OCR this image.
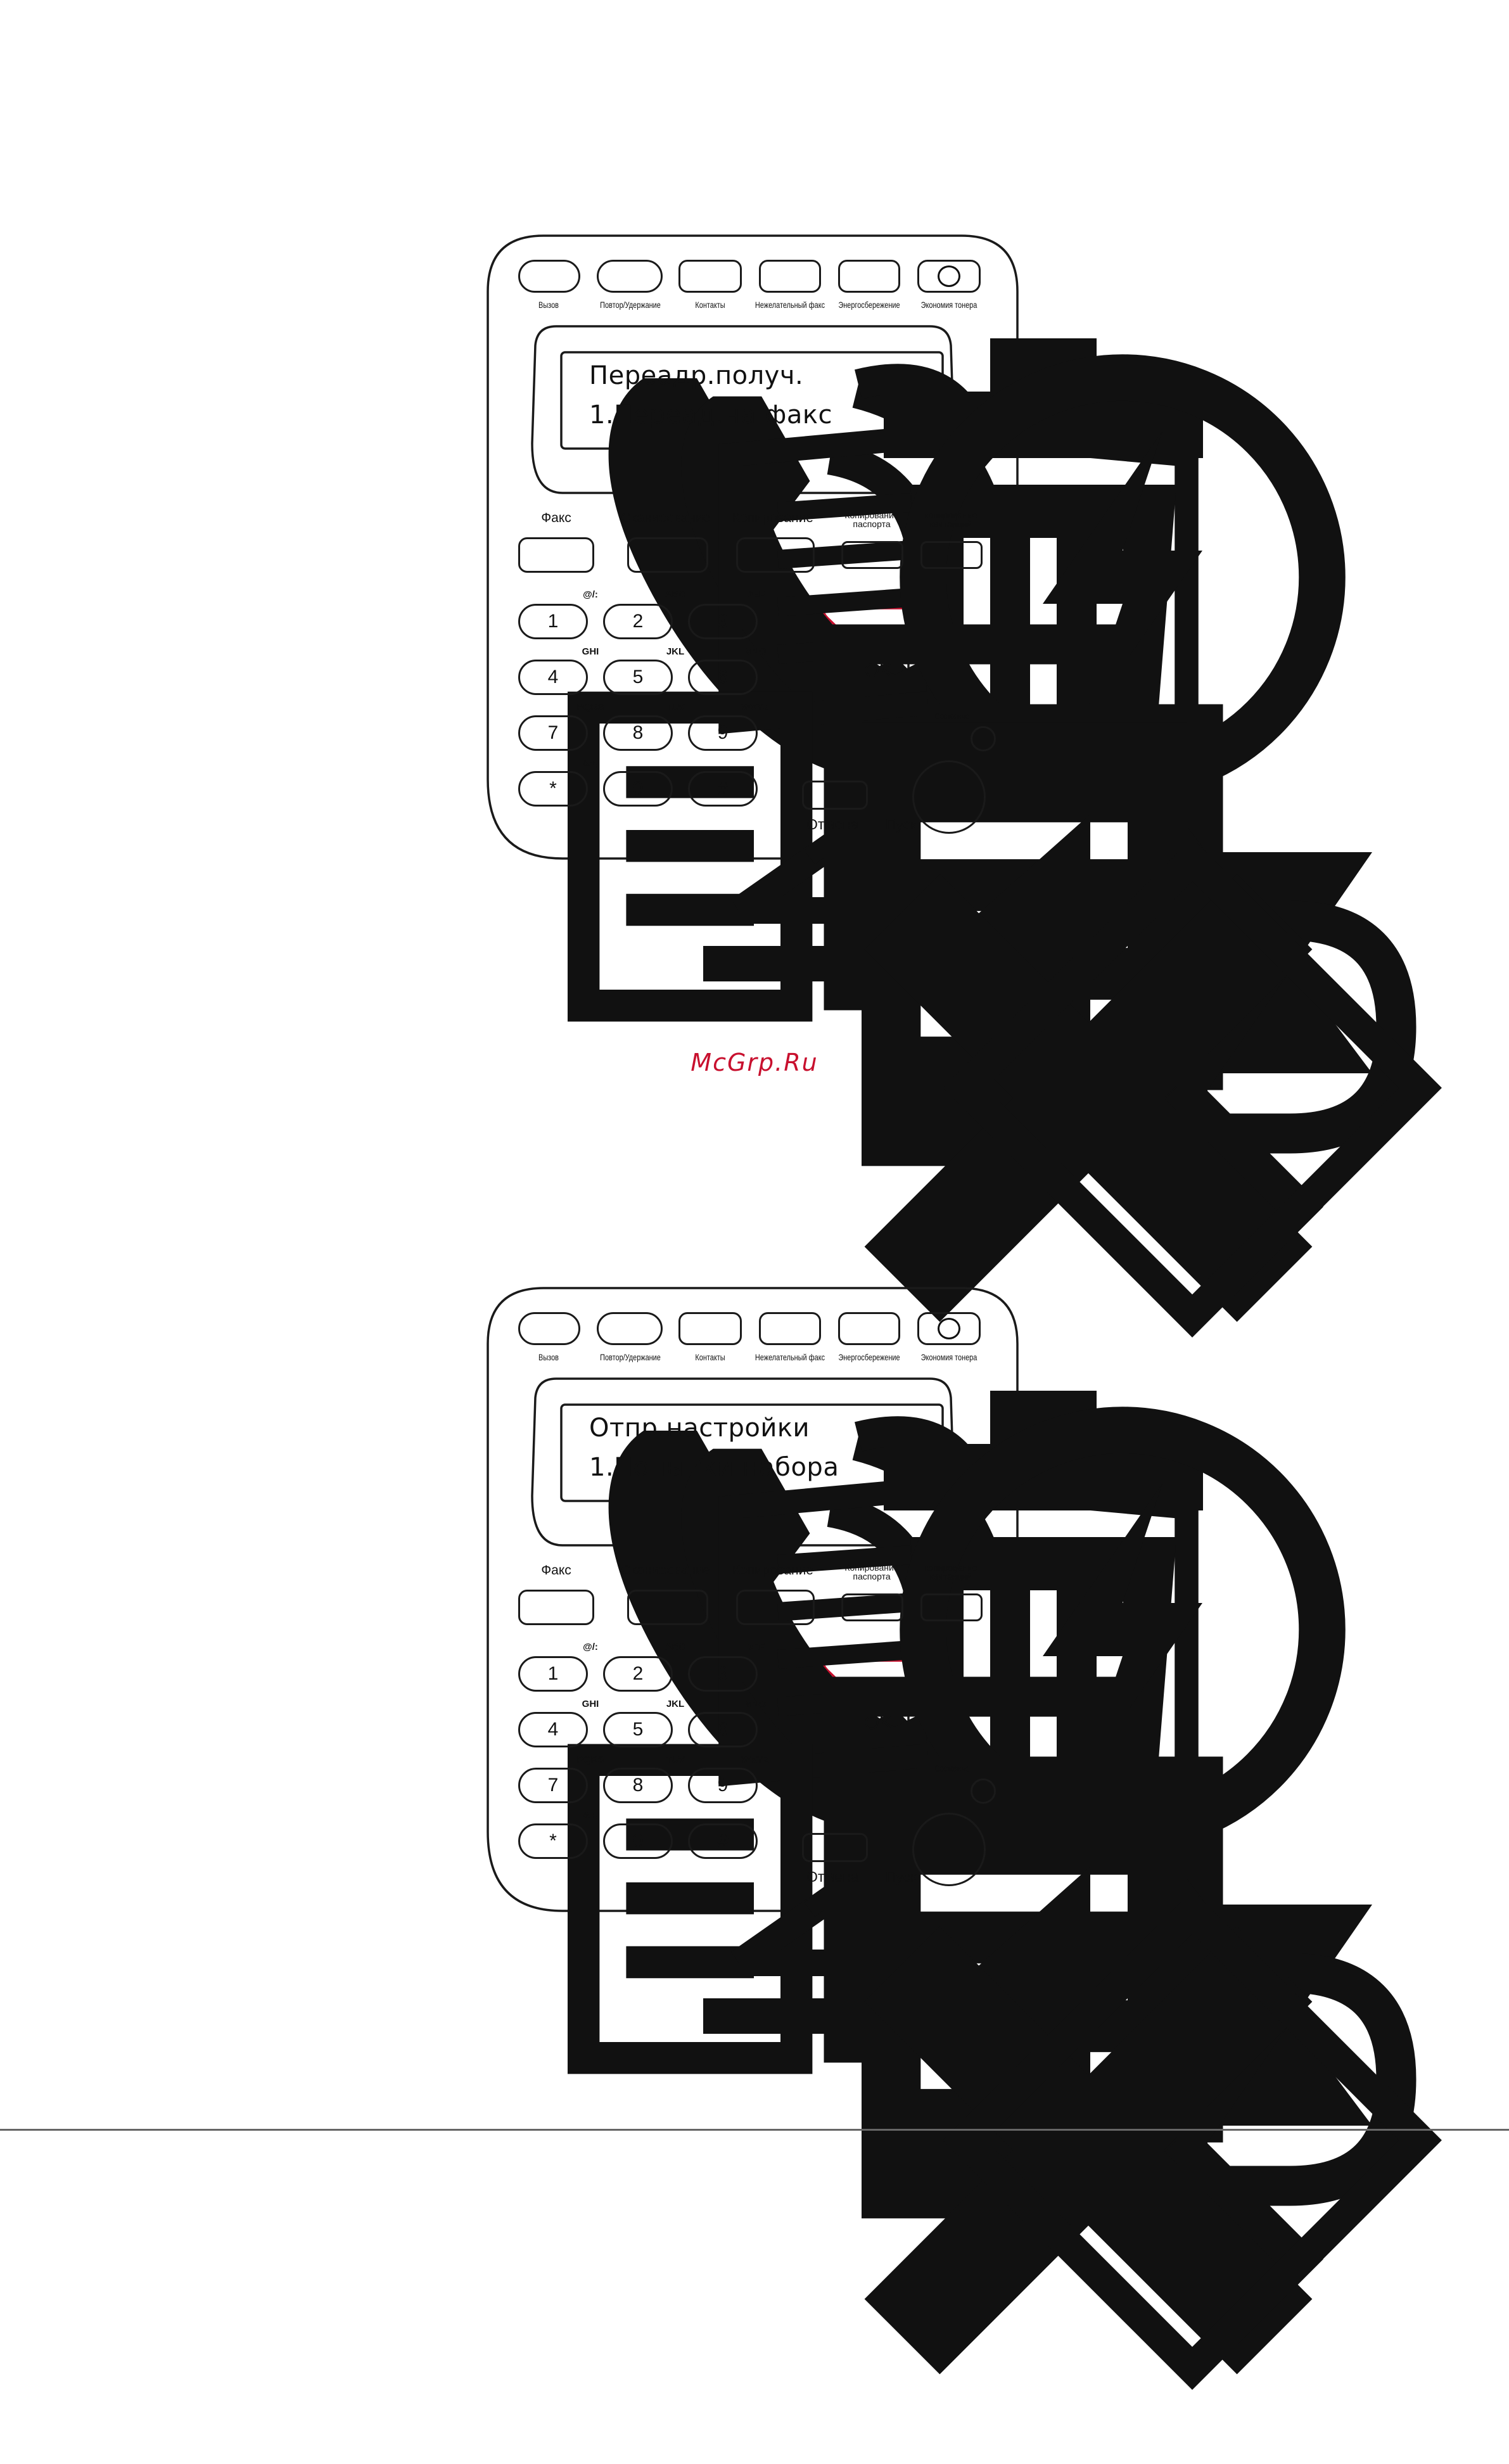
Вызов	Повтор/Удержание	Контакты	Нежелательный факс	Энергосбережение	Экономия тонера
Переадр.получ.
1.Переад.на факс
Факс	Сканирование	Копирование	Копирование
паспорта
копирование
квитанций
@/:	ABC	DEF
GHI	JKL	MNO
PQRS	TUV	WXYZ
&+,
1	2	3
4	5	6
7	8	9
*	0	#
OK
Состояние
Отмена Пуск
McGrp.Ru
Вызов	Повтор/Удержание	Контакты	Нежелательный факс	Энергосбережение	Экономия тонера
Отпр.настройки
1.Попытки набора
Факс	Сканирование	Копирование	Копирование
паспорта
копирование
квитанций
@/:	ABC	DEF
GHI	JKL	MNO
PQRS	TUV	WXYZ
&+,
1	2	3
4	5	6
7	8	9
*	0	#
OK
Состояние
Отмена Пуск
